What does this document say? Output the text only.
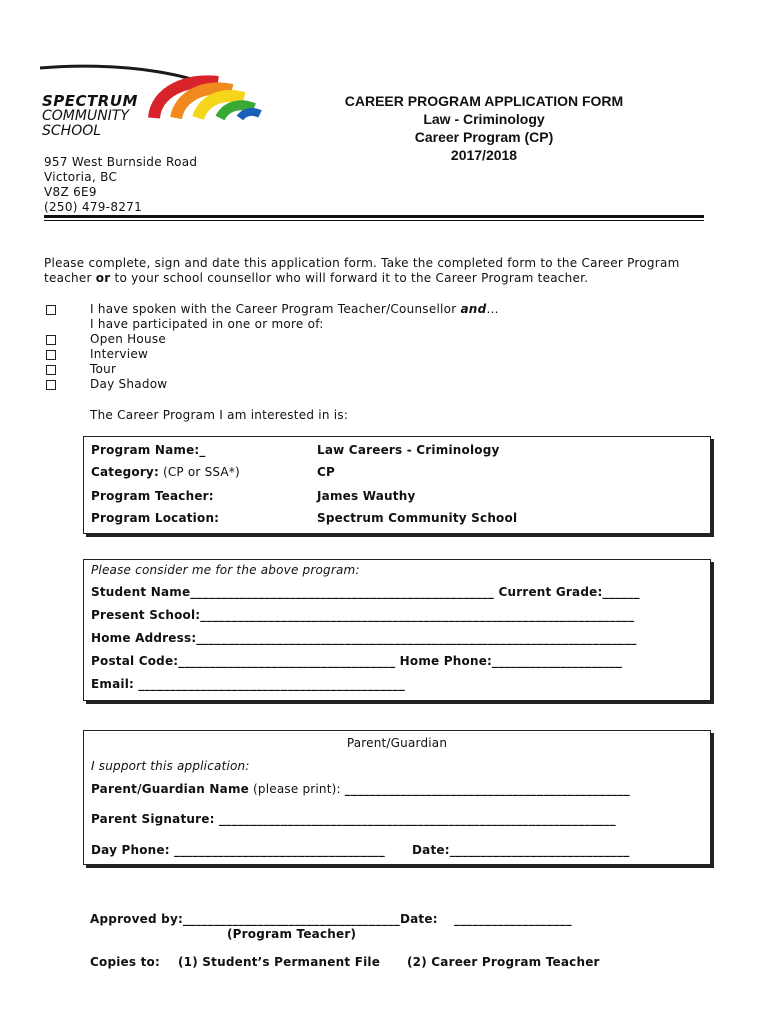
SPECTRUM
COMMUNITY
SCHOOL
957 West Burnside Road
Victoria, BC
V8Z 6E9
(250) 479-8271
CAREER PROGRAM APPLICATION FORM
Law - Criminology
Career Program (CP)
2017/2018
Please complete, sign and date this application form. Take the completed form to the Career Program
teacher or to your school counsellor who will forward it to the Career Program teacher.
I have spoken with the Career Program Teacher/Counsellor and…
I have participated in one or more of:
Open House
Interview
Tour
Day Shadow
The Career Program I am interested in is:
Program Name:_	Law Careers - Criminology
Category: (CP or SSA*)	CP
Program Teacher:	James Wauthy
Program Location:	Spectrum Community School
Please consider me for the above program:
Student Name_________________________________________________ Current Grade:______
Present School:______________________________________________________________________
Home Address:_______________________________________________________________________
Postal Code:___________________________________ Home Phone:_____________________
Email: ___________________________________________
Parent/Guardian
I support this application:
Parent/Guardian Name (please print): ______________________________________________
Parent Signature: ________________________________________________________________
Day Phone: __________________________________ Date:_____________________________
Approved by:___________________________________Date: ___________________
(Program Teacher)
Copies to: (1) Student’s Permanent File (2) Career Program Teacher
